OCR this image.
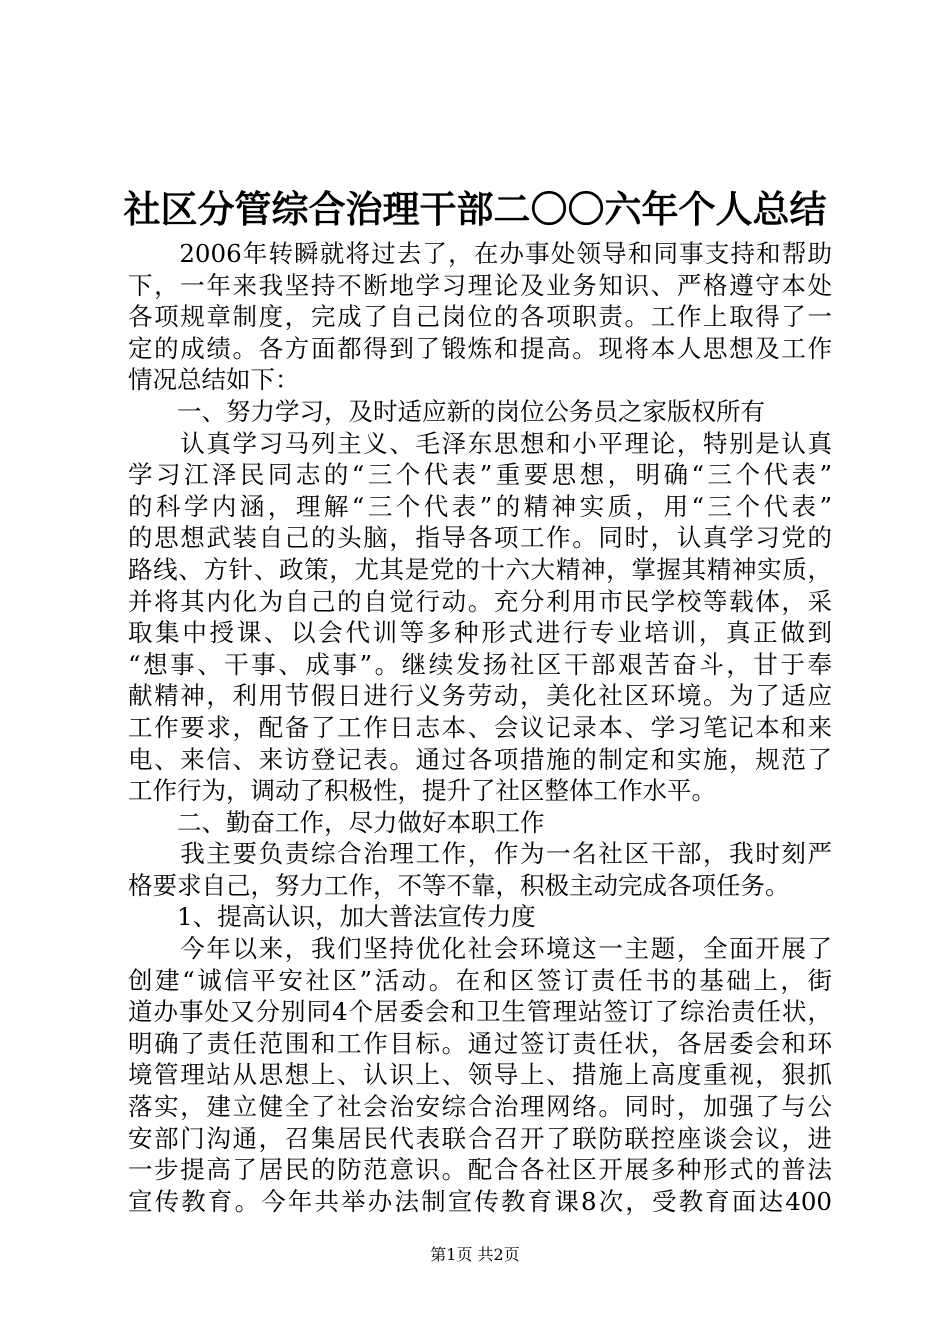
社区分管综合治理干部二〇〇六年个人总结
　　2006年转瞬就将过去了，在办事处领导和同事支持和帮助
下，一年来我坚持不断地学习理论及业务知识、严格遵守本处
各项规章制度，完成了自己岗位的各项职责。工作上取得了一
定的成绩。各方面都得到了锻炼和提高。现将本人思想及工作
情况总结如下：
　　一、努力学习，及时适应新的岗位公务员之家版权所有
　　认真学习马列主义、毛泽东思想和小平理论，特别是认真
学习江泽民同志的“三个代表”重要思想，明确“三个代表”
的科学内涵，理解“三个代表”的精神实质，用“三个代表”
的思想武装自己的头脑，指导各项工作。同时，认真学习党的
路线、方针、政策，尤其是党的十六大精神，掌握其精神实质，
并将其内化为自己的自觉行动。充分利用市民学校等载体，采
取集中授课、以会代训等多种形式进行专业培训，真正做到
“想事、干事、成事”。继续发扬社区干部艰苦奋斗，甘于奉
献精神，利用节假日进行义务劳动，美化社区环境。为了适应
工作要求，配备了工作日志本、会议记录本、学习笔记本和来
电、来信、来访登记表。通过各项措施的制定和实施，规范了
工作行为，调动了积极性，提升了社区整体工作水平。
　　二、勤奋工作，尽力做好本职工作
　　我主要负责综合治理工作，作为一名社区干部，我时刻严
格要求自己，努力工作，不等不靠，积极主动完成各项任务。
　　1、提高认识，加大普法宣传力度
　　今年以来，我们坚持优化社会环境这一主题，全面开展了
创建“诚信平安社区”活动。在和区签订责任书的基础上，街
道办事处又分别同4个居委会和卫生管理站签订了综治责任状，
明确了责任范围和工作目标。通过签订责任状，各居委会和环
境管理站从思想上、认识上、领导上、措施上高度重视，狠抓
落实，建立健全了社会治安综合治理网络。同时，加强了与公
安部门沟通，召集居民代表联合召开了联防联控座谈会议，进
一步提高了居民的防范意识。配合各社区开展多种形式的普法
宣传教育。今年共举办法制宣传教育课8次，受教育面达400
第1页 共2页
